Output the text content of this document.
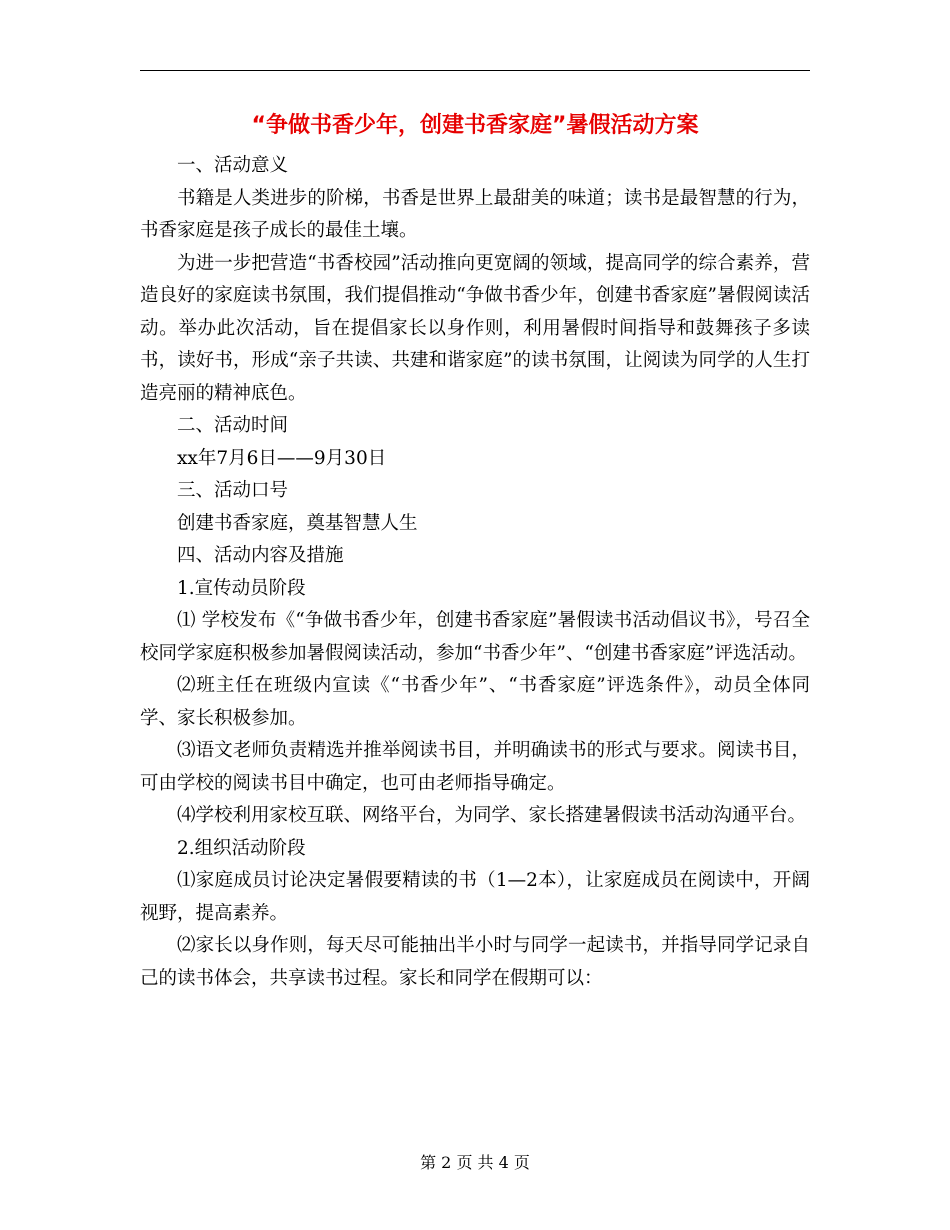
“争做书香少年，创建书香家庭”暑假活动方案

一、活动意义

书籍是人类进步的阶梯，书香是世界上最甜美的味道；读书是最智慧的行为，书香家庭是孩子成长的最佳土壤。

为进一步把营造“书香校园”活动推向更宽阔的领域，提高同学的综合素养，营造良好的家庭读书氛围，我们提倡推动“争做书香少年，创建书香家庭”暑假阅读活动。举办此次活动，旨在提倡家长以身作则，利用暑假时间指导和鼓舞孩子多读书，读好书，形成“亲子共读、共建和谐家庭”的读书氛围，让阅读为同学的人生打造亮丽的精神底色。

二、活动时间

xx年7月6日——9月30日

三、活动口号

创建书香家庭，奠基智慧人生

四、活动内容及措施

1.宣传动员阶段

⑴ 学校发布《“争做书香少年，创建书香家庭”暑假读书活动倡议书》，号召全校同学家庭积极参加暑假阅读活动，参加“书香少年”、“创建书香家庭”评选活动。

⑵班主任在班级内宣读《“书香少年”、“书香家庭”评选条件》，动员全体同学、家长积极参加。

⑶语文老师负责精选并推举阅读书目，并明确读书的形式与要求。阅读书目，可由学校的阅读书目中确定，也可由老师指导确定。

⑷学校利用家校互联、网络平台，为同学、家长搭建暑假读书活动沟通平台。

2.组织活动阶段

⑴家庭成员讨论决定暑假要精读的书（1—2本），让家庭成员在阅读中，开阔视野，提高素养。

⑵家长以身作则，每天尽可能抽出半小时与同学一起读书，并指导同学记录自己的读书体会，共享读书过程。家长和同学在假期可以：

第 2 页 共 4 页
